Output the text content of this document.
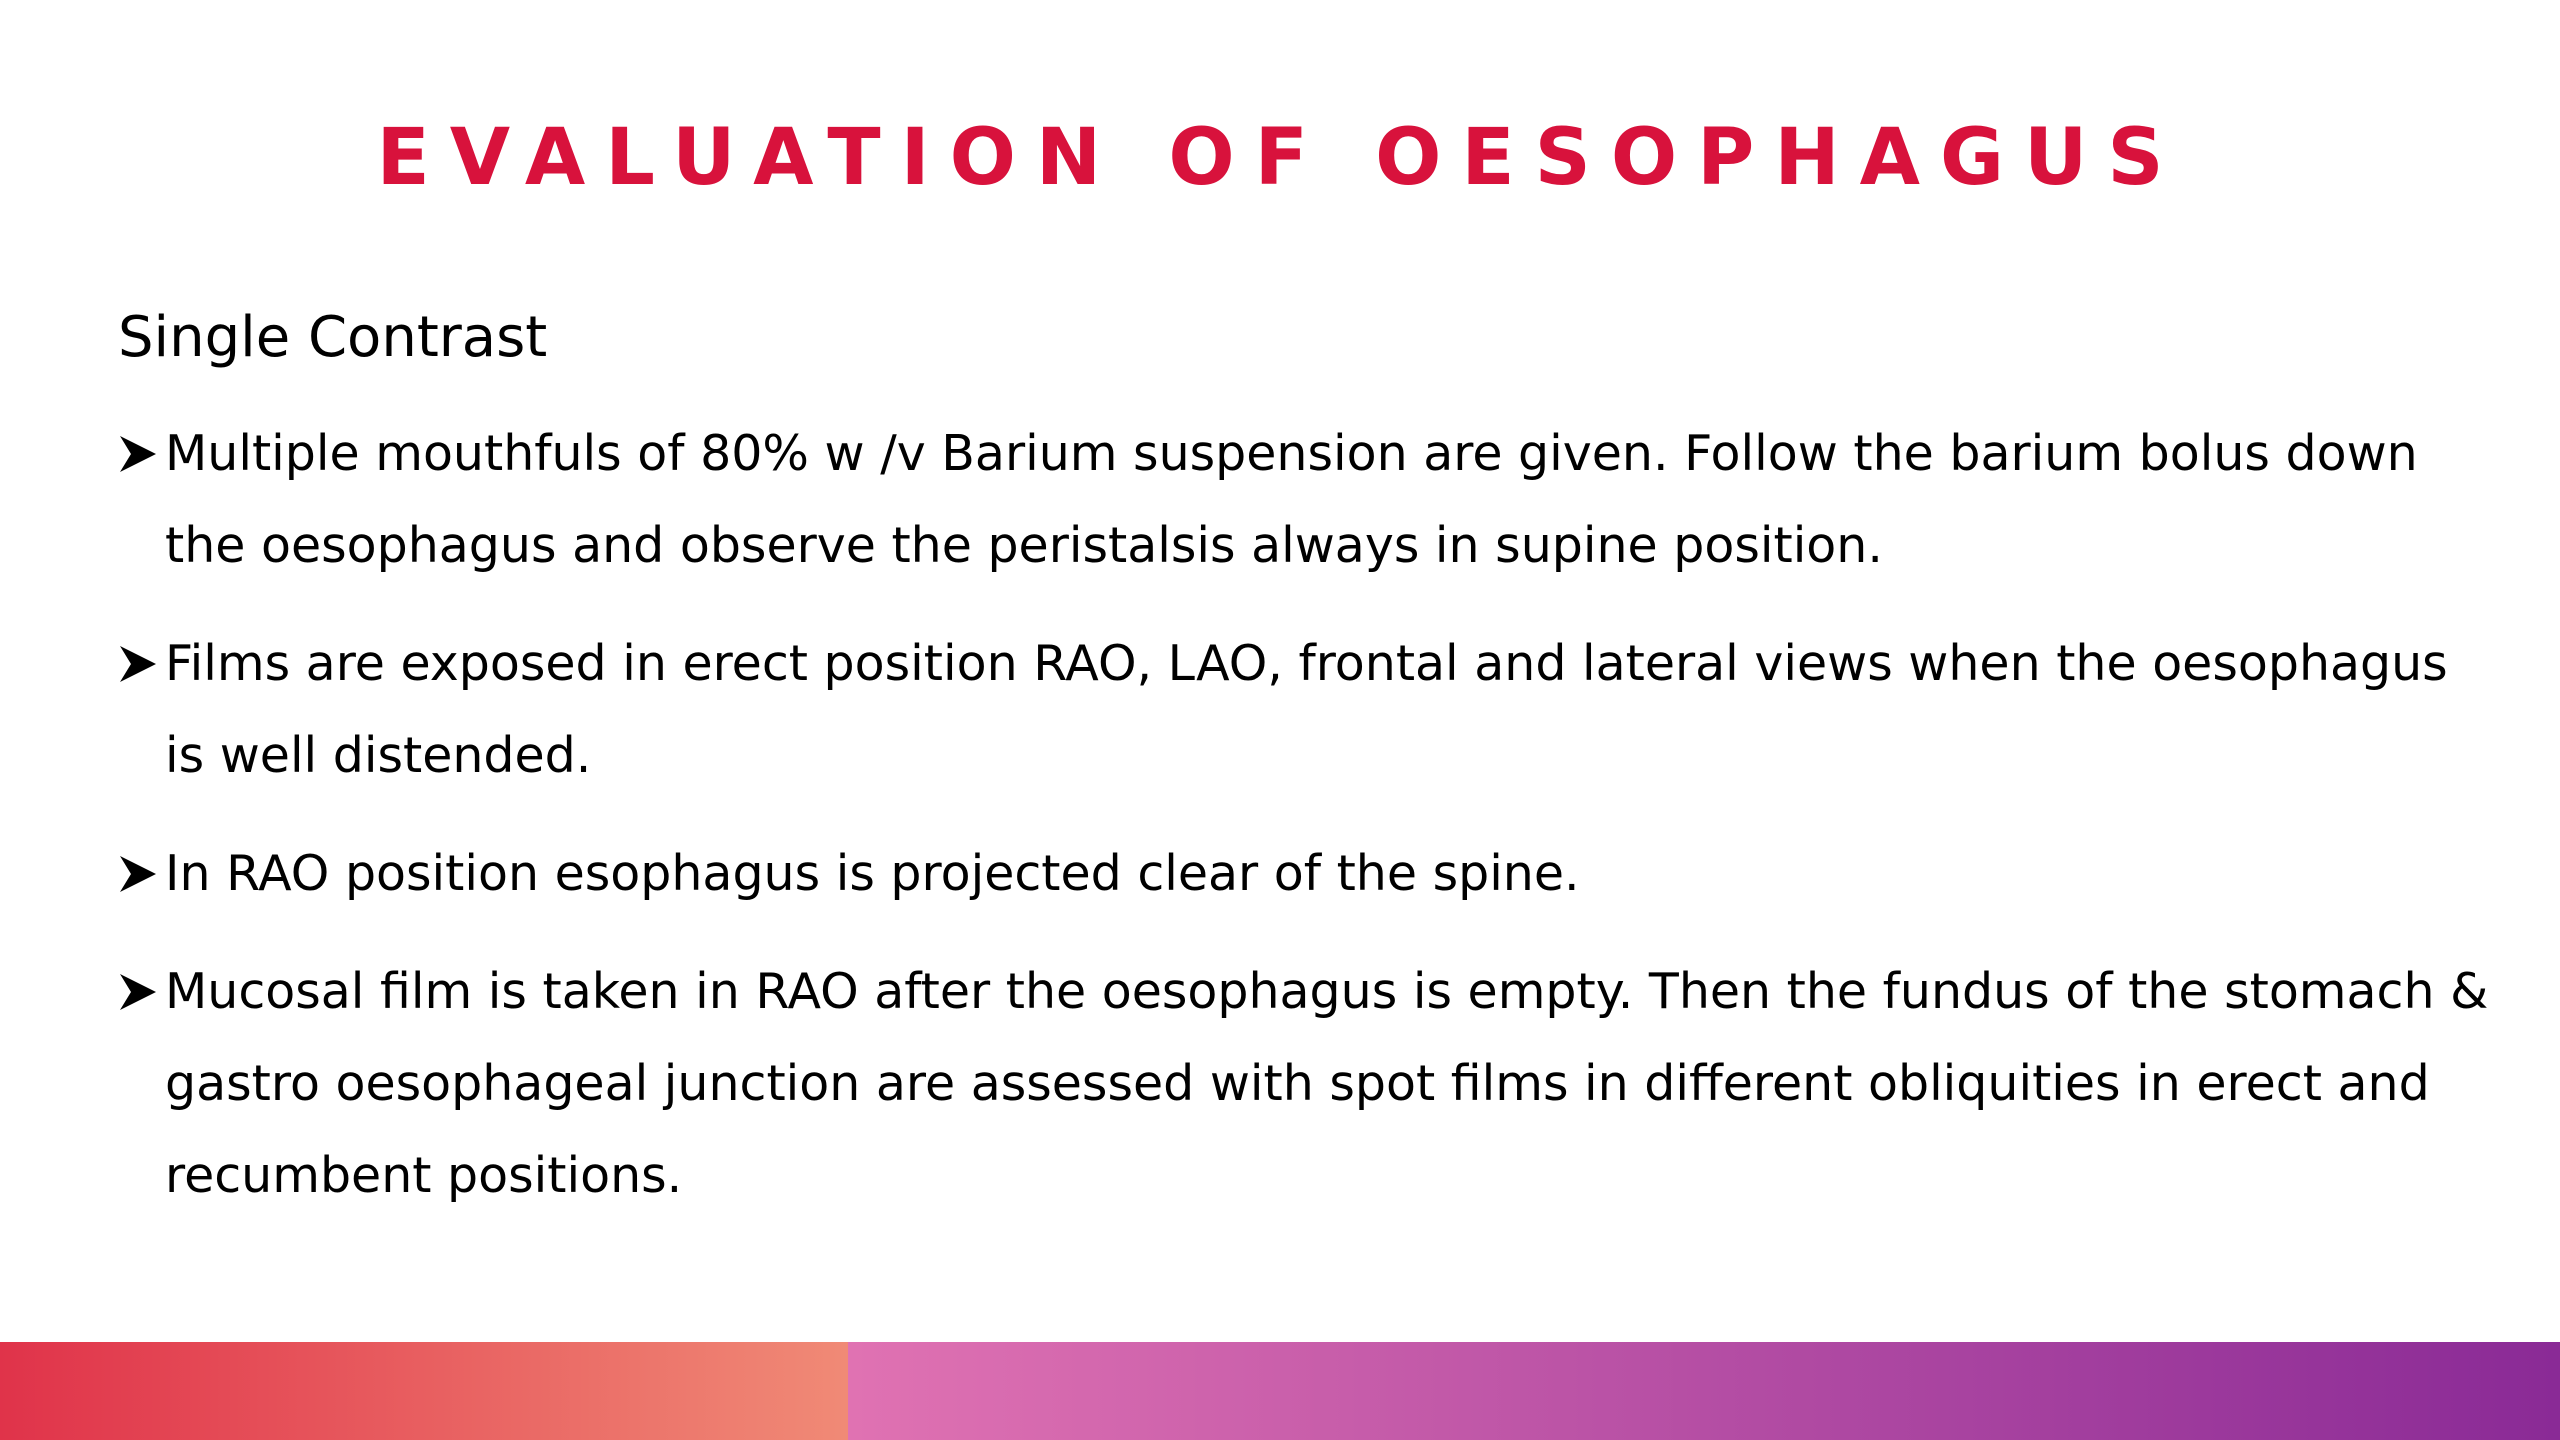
EVALUATION OF OESOPHAGUS
Single Contrast
Multiple mouthfuls of 80% w /v Barium suspension are given. Follow the barium bolus down the oesophagus and observe the peristalsis always in supine position.
Films are exposed in erect position RAO, LAO, frontal and lateral views when the oesophagus is well distended.
In RAO position esophagus is projected clear of the spine.
Mucosal film is taken in RAO after the oesophagus is empty. Then the fundus of the stomach & gastro oesophageal junction are assessed with spot films in different obliquities in erect and recumbent positions.
